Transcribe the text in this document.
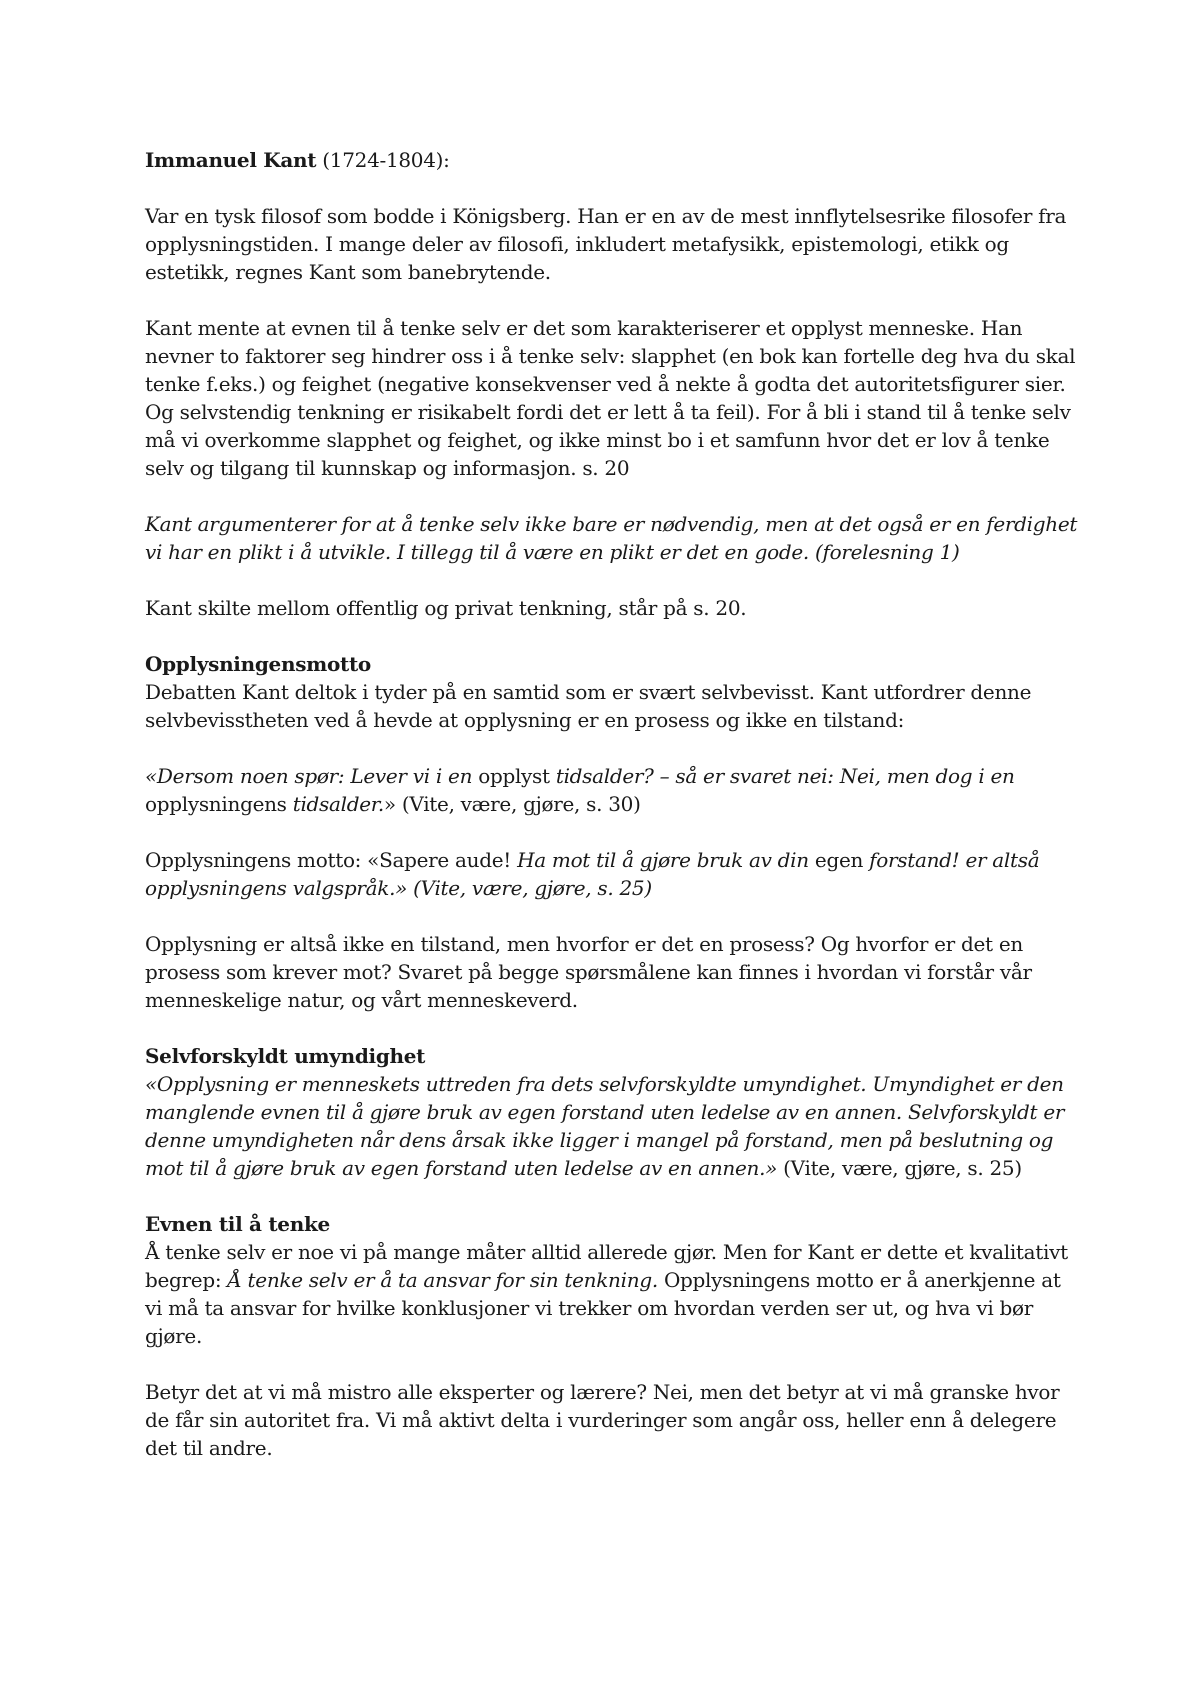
Immanuel Kant (1724-1804):

Var en tysk filosof som bodde i Königsberg. Han er en av de mest innflytelsesrike filosofer fra opplysningstiden. I mange deler av filosofi, inkludert metafysikk, epistemologi, etikk og estetikk, regnes Kant som banebrytende.

Kant mente at evnen til å tenke selv er det som karakteriserer et opplyst menneske. Han nevner to faktorer seg hindrer oss i å tenke selv: slapphet (en bok kan fortelle deg hva du skal tenke f.eks.) og feighet (negative konsekvenser ved å nekte å godta det autoritetsfigurer sier. Og selvstendig tenkning er risikabelt fordi det er lett å ta feil). For å bli i stand til å tenke selv må vi overkomme slapphet og feighet, og ikke minst bo i et samfunn hvor det er lov å tenke selv og tilgang til kunnskap og informasjon. s. 20

Kant argumenterer for at å tenke selv ikke bare er nødvendig, men at det også er en ferdighet vi har en plikt i å utvikle. I tillegg til å være en plikt er det en gode. (forelesning 1)

Kant skilte mellom offentlig og privat tenkning, står på s. 20.

Opplysningensmotto
Debatten Kant deltok i tyder på en samtid som er svært selvbevisst. Kant utfordrer denne selvbevisstheten ved å hevde at opplysning er en prosess og ikke en tilstand:

«Dersom noen spør: Lever vi i en opplyst tidsalder? – så er svaret nei: Nei, men dog i en opplysningens tidsalder.» (Vite, være, gjøre, s. 30)

Opplysningens motto: «Sapere aude! Ha mot til å gjøre bruk av din egen forstand! er altså opplysningens valgspråk.» (Vite, være, gjøre, s. 25)

Opplysning er altså ikke en tilstand, men hvorfor er det en prosess? Og hvorfor er det en prosess som krever mot? Svaret på begge spørsmålene kan finnes i hvordan vi forstår vår menneskelige natur, og vårt menneskeverd.

Selvforskyldt umyndighet
«Opplysning er menneskets uttreden fra dets selvforskyldte umyndighet. Umyndighet er den manglende evnen til å gjøre bruk av egen forstand uten ledelse av en annen. Selvforskyldt er denne umyndigheten når dens årsak ikke ligger i mangel på forstand, men på beslutning og mot til å gjøre bruk av egen forstand uten ledelse av en annen.» (Vite, være, gjøre, s. 25)

Evnen til å tenke
Å tenke selv er noe vi på mange måter alltid allerede gjør. Men for Kant er dette et kvalitativt begrep: Å tenke selv er å ta ansvar for sin tenkning. Opplysningens motto er å anerkjenne at vi må ta ansvar for hvilke konklusjoner vi trekker om hvordan verden ser ut, og hva vi bør gjøre.

Betyr det at vi må mistro alle eksperter og lærere? Nei, men det betyr at vi må granske hvor de får sin autoritet fra. Vi må aktivt delta i vurderinger som angår oss, heller enn å delegere det til andre.
